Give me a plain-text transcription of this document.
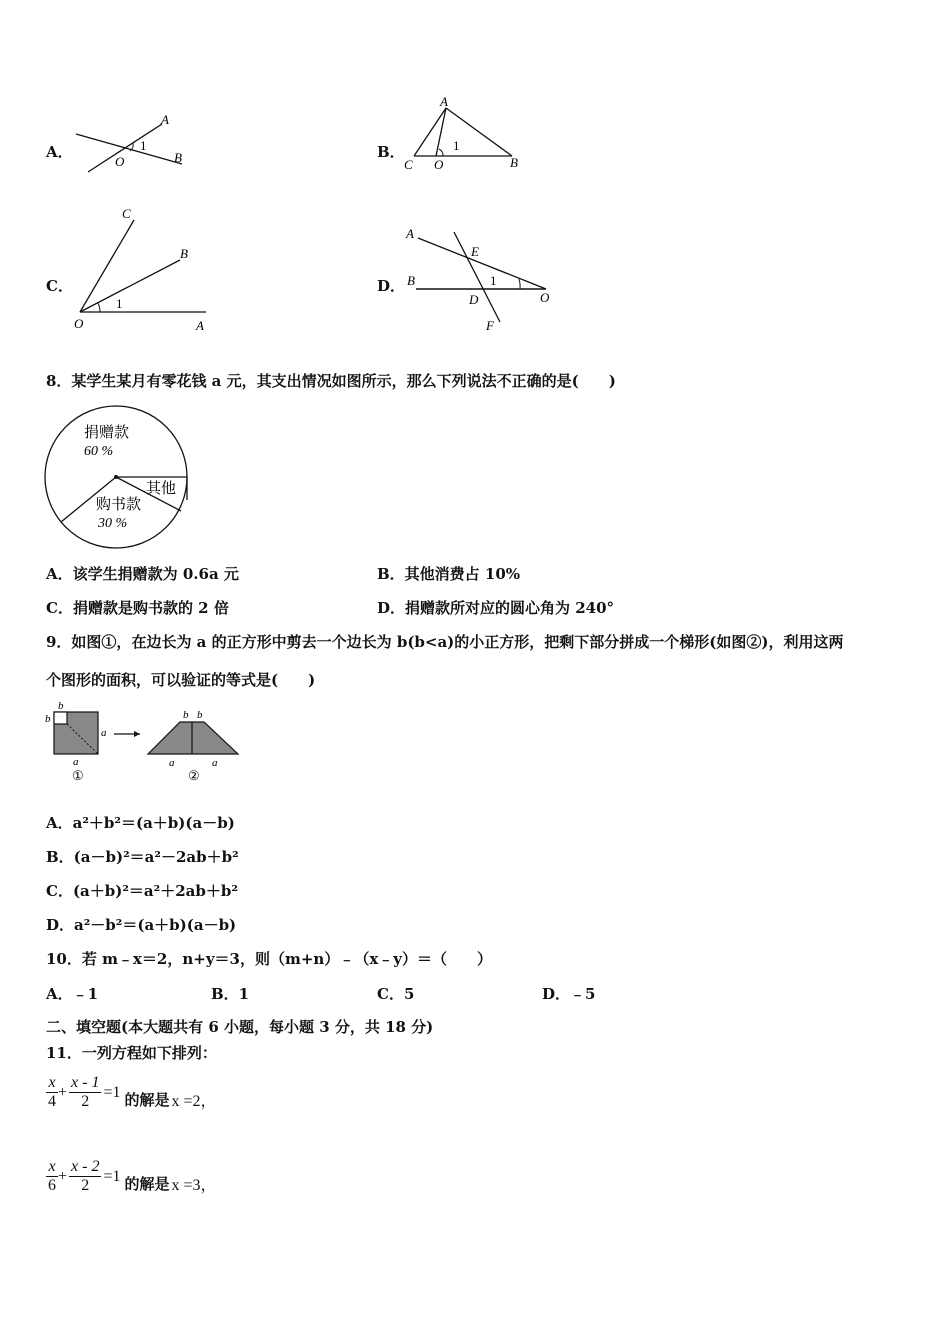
A．
A
1
O	B	B．
A
1
C O	B
C．
C
B
1
O	A
D．
A
E
B	1
D	O
F
8．某学生某月有零花钱 a 元，其支出情况如图所示，那么下列说法不正确的是(　　)
捐赠款
60 %
其他
购书款
30 %
A．该学生捐赠款为 0.6a 元	B．其他消费占 10%
C．捐赠款是购书款的 2 倍	D．捐赠款所对应的圆心角为 240°
9．如图①，在边长为 a 的正方形中剪去一个边长为 b(b<a)的小正方形，把剩下部分拼成一个梯形(如图②)，利用这两
个图形的面积，可以验证的等式是(　　)
b
b
a
a
①
b b
a	a
②
A．a²＋b²＝(a＋b)(a－b)
B．(a－b)²＝a²－2ab＋b²
C．(a＋b)²＝a²＋2ab＋b²
D．a²－b²＝(a＋b)(a－b)
10．若 m﹣x＝2，n+y＝3，则（m+n）﹣（x﹣y）＝（　　）
A．﹣1	B．1	C．5	D．﹣5
二、填空题(本大题共有 6 小题，每小题 3 分，共 18 分)
11．一列方程如下排列：
$\frac{x}{4} + \frac{x - 1}{2} =1$ 的解是 x =2，
$\frac{x}{6} + \frac{x - 2}{2} =1$ 的解是 x =3，
